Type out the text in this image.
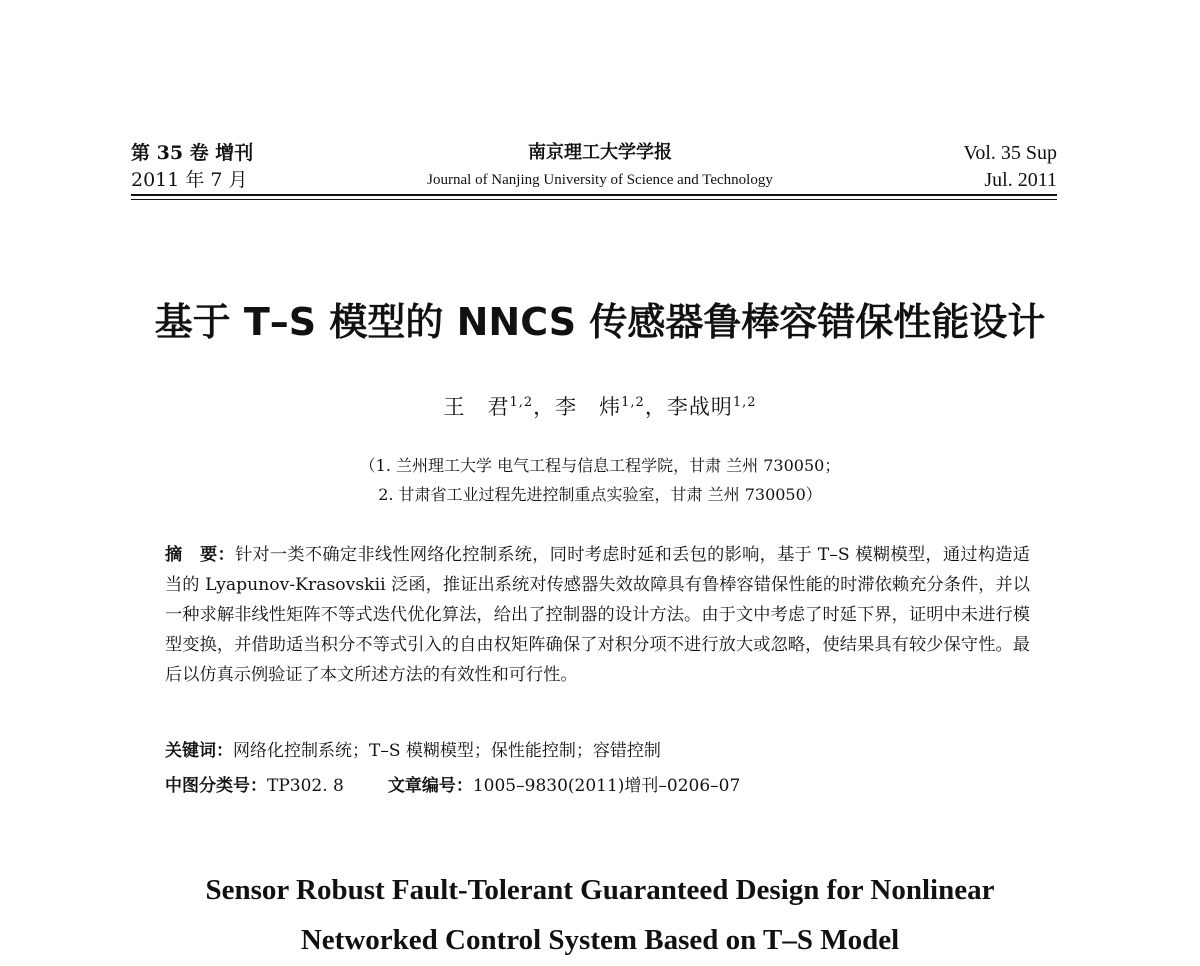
第 35 卷 增刊
2011 年 7 月
南京理工大学学报
Journal of Nanjing University of Science and Technology
Vol. 35 Sup
Jul. 2011
基于 T–S 模型的 NNCS 传感器鲁棒容错保性能设计
王　君$^{1,2}$，李　炜$^{1,2}$，李战明$^{1,2}$
（1. 兰州理工大学 电气工程与信息工程学院，甘肃 兰州 730050；
2. 甘肃省工业过程先进控制重点实验室，甘肃 兰州 730050）
摘　要：针对一类不确定非线性网络化控制系统，同时考虑时延和丢包的影响，基于 T–S 模糊模型，通过构造适当的 Lyapunov-Krasovskii 泛函，推证出系统对传感器失效故障具有鲁棒容错保性能的时滞依赖充分条件，并以一种求解非线性矩阵不等式迭代优化算法，给出了控制器的设计方法。由于文中考虑了时延下界，证明中未进行模型变换，并借助适当积分不等式引入的自由权矩阵确保了对积分项不进行放大或忽略，使结果具有较少保守性。最后以仿真示例验证了本文所述方法的有效性和可行性。
关键词：网络化控制系统；T–S 模糊模型；保性能控制；容错控制
中图分类号：TP302. 8	文章编号：1005–9830(2011)增刊–0206–07
Sensor Robust Fault-Tolerant Guaranteed Design for Nonlinear
Networked Control System Based on T–S Model
